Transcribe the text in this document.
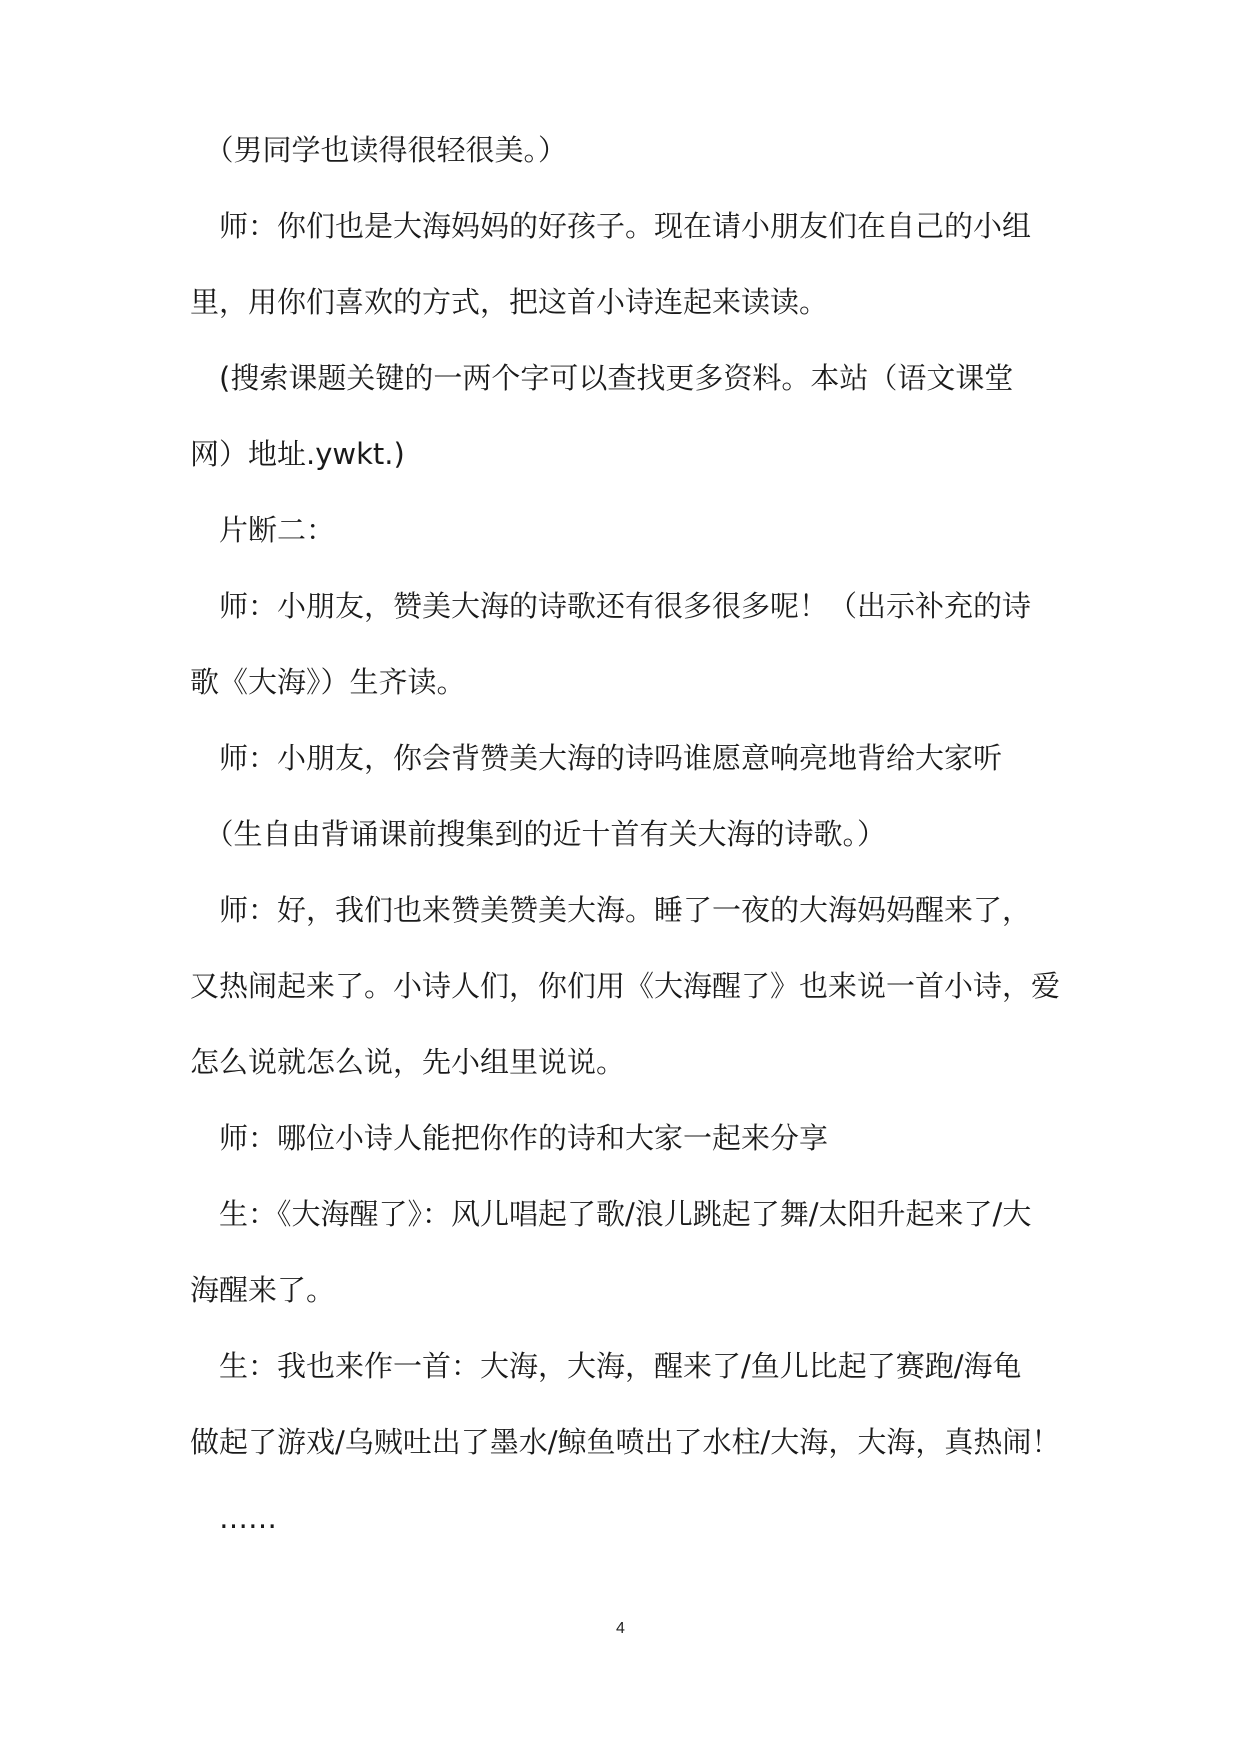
　（男同学也读得很轻很美。）
　师：你们也是大海妈妈的好孩子。现在请小朋友们在自己的小组
里，用你们喜欢的方式，把这首小诗连起来读读。
　(搜索课题关键的一两个字可以查找更多资料。本站（语文课堂
网）地址.ywkt.)
　片断二：
　师：小朋友，赞美大海的诗歌还有很多很多呢！（出示补充的诗
歌《大海》）生齐读。
　师：小朋友，你会背赞美大海的诗吗谁愿意响亮地背给大家听
　（生自由背诵课前搜集到的近十首有关大海的诗歌。）
　师：好，我们也来赞美赞美大海。睡了一夜的大海妈妈醒来了，
又热闹起来了。小诗人们，你们用《大海醒了》也来说一首小诗，爱
怎么说就怎么说，先小组里说说。
　师：哪位小诗人能把你作的诗和大家一起来分享
　生：《大海醒了》：风儿唱起了歌/浪儿跳起了舞/太阳升起来了/大
海醒来了。
　生：我也来作一首：大海，大海，醒来了/鱼儿比起了赛跑/海龟
做起了游戏/乌贼吐出了墨水/鲸鱼喷出了水柱/大海，大海，真热闹！
　……
4
